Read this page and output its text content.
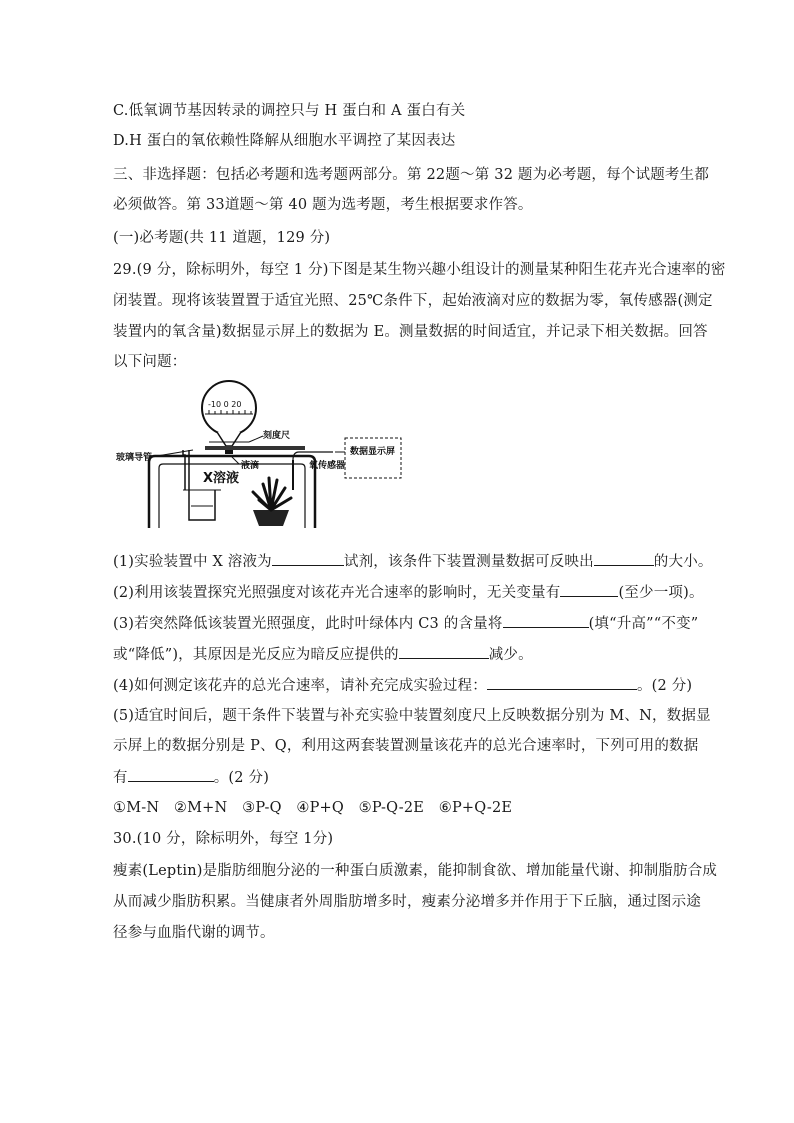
C.低氧调节基因转录的调控只与 H 蛋白和 A 蛋白有关
D.H 蛋白的氧依赖性降解从细胞水平调控了某因表达
三、非选择题：包括必考题和选考题两部分。第 22题～第 32 题为必考题，每个试题考生都
必须做答。第 33道题～第 40 题为选考题，考生根据要求作答。
(一)必考题(共 11 道题，129 分)
29.(9 分，除标明外，每空 1 分)下图是某生物兴趣小组设计的测量某种阳生花卉光合速率的密
闭装置。现将该装置置于适宜光照、25℃条件下，起始液滴对应的数据为零，氧传感器(测定
装置内的氧含量)数据显示屏上的数据为 E。测量数据的时间适宜，并记录下相关数据。回答
以下问题：
-10 0 20
刻度尺
玻璃导管
液滴
X溶液
氧传感器
数据显示屏
(1)实验装置中 X 溶液为	试剂，该条件下装置测量数据可反映出	的大小。
(2)利用该装置探究光照强度对该花卉光合速率的影响时，无关变量有	(至少一项)。
(3)若突然降低该装置光照强度，此时叶绿体内 C3 的含量将	(填“升高”“不变”
或“降低”)，其原因是光反应为暗反应提供的	减少。
(4)如何测定该花卉的总光合速率，请补充完成实验过程：	。(2 分)
(5)适宜时间后，题干条件下装置与补充实验中装置刻度尺上反映数据分别为 M、N，数据显
示屏上的数据分别是 P、Q，利用这两套装置测量该花卉的总光合速率时，下列可用的数据
有	。(2 分)
①M-N　②M+N　③P-Q　④P+Q　⑤P-Q-2E　⑥P+Q-2E
30.(10 分，除标明外，每空 1分)
瘦素(Leptin)是脂肪细胞分泌的一种蛋白质激素，能抑制食欲、增加能量代谢、抑制脂肪合成
从而减少脂肪积累。当健康者外周脂肪增多时，瘦素分泌增多并作用于下丘脑，通过图示途
径参与血脂代谢的调节。
